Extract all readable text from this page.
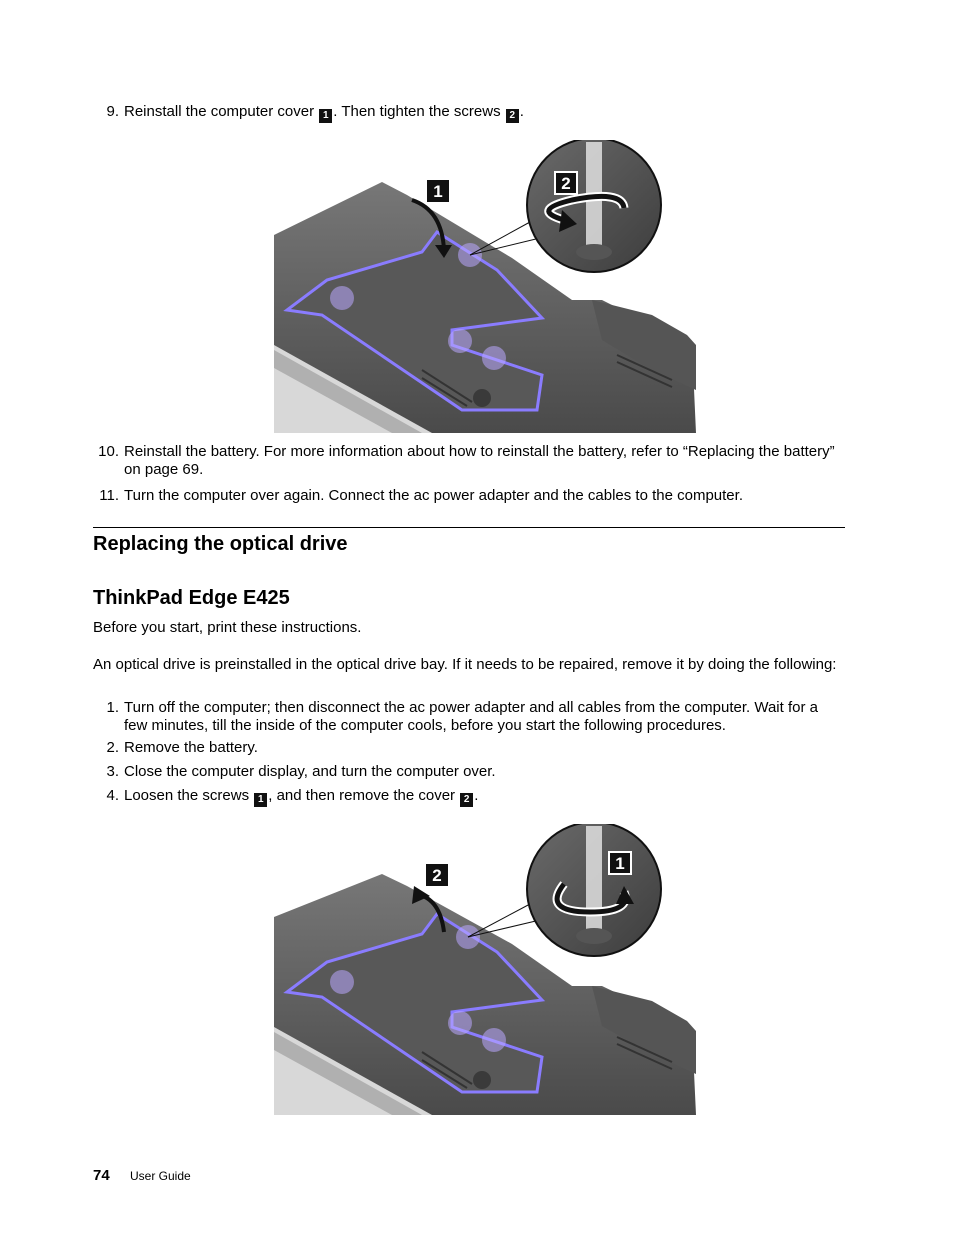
9. Reinstall the computer cover 1 . Then tighten the screws 2 .
1	2
10. Reinstall the battery. For more information about how to reinstall the battery, refer to “Replacing the battery” on page 69.
11. Turn the computer over again. Connect the ac power adapter and the cables to the computer.
Replacing the optical drive
ThinkPad Edge E425
Before you start, print these instructions.
An optical drive is preinstalled in the optical drive bay. If it needs to be repaired, remove it by doing the following:
1. Turn off the computer; then disconnect the ac power adapter and all cables from the computer. Wait for a few minutes, till the inside of the computer cools, before you start the following procedures.
2. Remove the battery.
3. Close the computer display, and turn the computer over.
4. Loosen the screws 1 , and then remove the cover 2 .
2
1
74 User Guide
